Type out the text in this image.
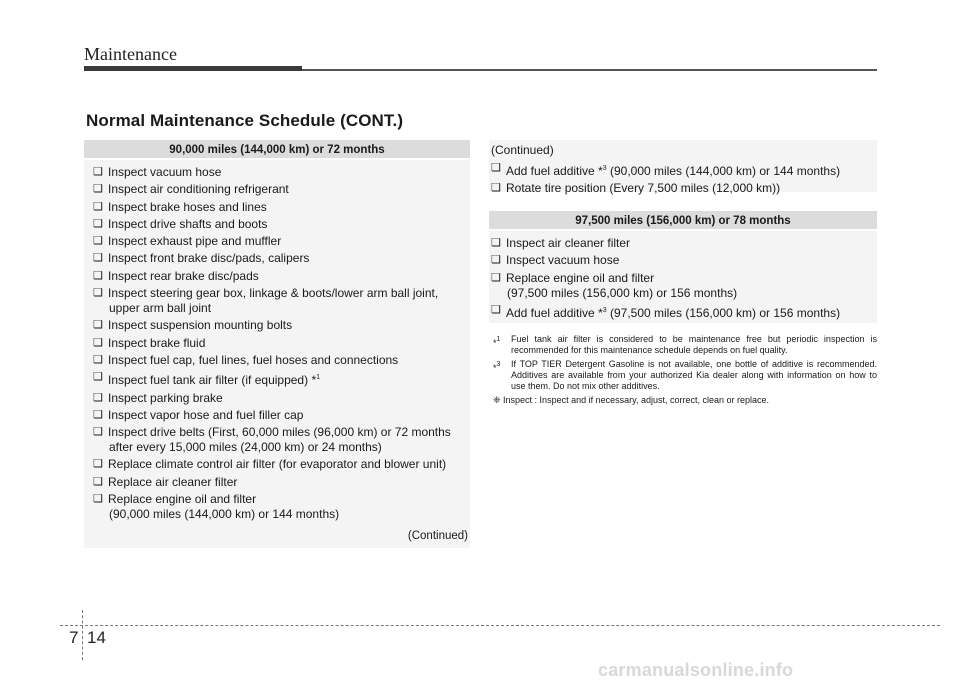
Maintenance
Normal Maintenance Schedule (CONT.)
90,000 miles (144,000 km) or 72 months
❑ Inspect vacuum hose
❑ Inspect air conditioning refrigerant
❑ Inspect brake hoses and lines
❑ Inspect drive shafts and boots
❑ Inspect exhaust pipe and muffler
❑ Inspect front brake disc/pads, calipers
❑ Inspect rear brake disc/pads
❑ Inspect steering gear box, linkage & boots/lower arm ball joint,
upper arm ball joint
❑ Inspect suspension mounting bolts
❑ Inspect brake fluid
❑ Inspect fuel cap, fuel lines, fuel hoses and connections
❑ Inspect fuel tank air filter (if equipped) *$^1$
❑ Inspect parking brake
❑ Inspect vapor hose and fuel filler cap
❑ Inspect drive belts (First, 60,000 miles (96,000 km) or 72 months
after every 15,000 miles (24,000 km) or 24 months)
❑ Replace climate control air filter (for evaporator and blower unit)
❑ Replace air cleaner filter
❑ Replace engine oil and filter
(90,000 miles (144,000 km) or 144 months)
(Continued)
(Continued)
❑ Add fuel additive *$^3$ (90,000 miles (144,000 km) or 144 months)
❑ Rotate tire position (Every 7,500 miles (12,000 km))
97,500 miles (156,000 km) or 78 months
❑ Inspect air cleaner filter
❑ Inspect vacuum hose
❑ Replace engine oil and filter
(97,500 miles (156,000 km) or 156 months)
❑ Add fuel additive *$^3$ (97,500 miles (156,000 km) or 156 months)
*$^1$ Fuel tank air filter is considered to be maintenance free but periodic inspection is recommended for this maintenance schedule depends on fuel quality.
*$^3$ If TOP TIER Detergent Gasoline is not available, one bottle of additive is recommended. Additives are available from your authorized Kia dealer along with information on how to use them. Do not mix other additives.
❈ Inspect : Inspect and if necessary, adjust, correct, clean or replace.
7 14
carmanualsonline.info
